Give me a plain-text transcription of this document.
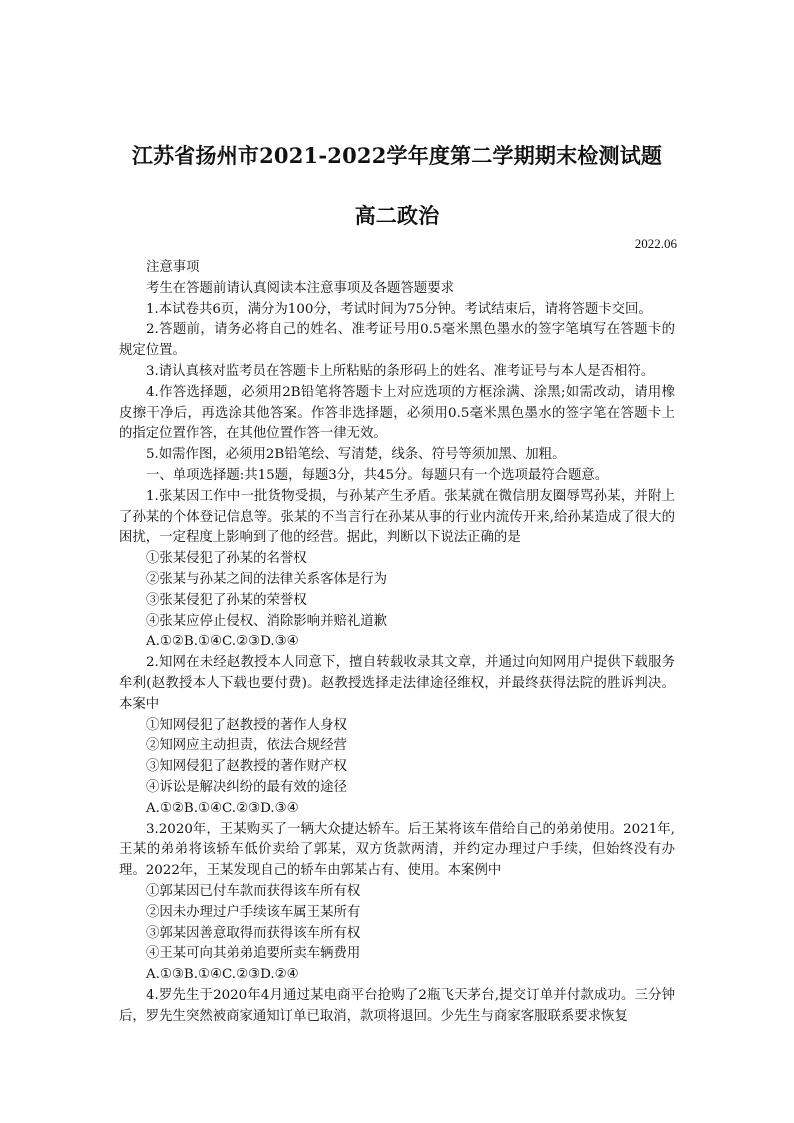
江苏省扬州市2021-2022学年度第二学期期末检测试题
高二政治
2022.06

注意事项

考生在答题前请认真阅读本注意事项及各题答题要求

1.本试卷共6页，满分为100分，考试时间为75分钟。考试结束后，请将答题卡交回。

2.答题前，请务必将自己的姓名、准考证号用0.5毫米黑色墨水的签字笔填写在答题卡的规定位置。

3.请认真核对监考员在答题卡上所粘贴的条形码上的姓名、准考证号与本人是否相符。

4.作答选择题，必须用2B铅笔将答题卡上对应选项的方框涂满、涂黑;如需改动，请用橡皮擦干净后，再选涂其他答案。作答非选择题，必须用0.5毫米黑色墨水的签字笔在答题卡上的指定位置作答，在其他位置作答一律无效。

5.如需作图，必须用2B铅笔绘、写清楚，线条、符号等须加黑、加粗。

一、单项选择题:共15题，每题3分，共45分。每题只有一个选项最符合题意。

1.张某因工作中一批货物受损，与孙某产生矛盾。张某就在微信朋友圈辱骂孙某，并附上了孙某的个体登记信息等。张某的不当言行在孙某从事的行业内流传开来,给孙某造成了很大的困扰，一定程度上影响到了他的经营。据此，判断以下说法正确的是

①张某侵犯了孙某的名誉权

②张某与孙某之间的法律关系客体是行为

③张某侵犯了孙某的荣誉权

④张某应停止侵权、消除影响并赔礼道歉

A.①②B.①④C.②③D.③④

2.知网在未经赵教授本人同意下，擅自转载收录其文章，并通过向知网用户提供下载服务牟利(赵教授本人下载也要付费)。赵教授选择走法律途径维权，并最终获得法院的胜诉判决。本案中

①知网侵犯了赵教授的著作人身权

②知网应主动担责，依法合规经营

③知网侵犯了赵教授的著作财产权

④诉讼是解决纠纷的最有效的途径

A.①②B.①④C.②③D.③④

3.2020年，王某购买了一辆大众捷达轿车。后王某将该车借给自己的弟弟使用。2021年,王某的弟弟将该轿车低价卖给了郭某，双方货款两清，并约定办理过户手续，但始终没有办理。2022年，王某发现自己的轿车由郭某占有、使用。本案例中

①郭某因已付车款而获得该车所有权

②因未办理过户手续该车属王某所有

③郭某因善意取得而获得该车所有权

④王某可向其弟弟追要所卖车辆费用

A.①③B.①④C.②③D.②④

4.罗先生于2020年4月通过某电商平台抢购了2瓶飞天茅台,提交订单并付款成功。三分钟后，罗先生突然被商家通知订单已取消，款项将退回。少先生与商家客服联系要求恢复
